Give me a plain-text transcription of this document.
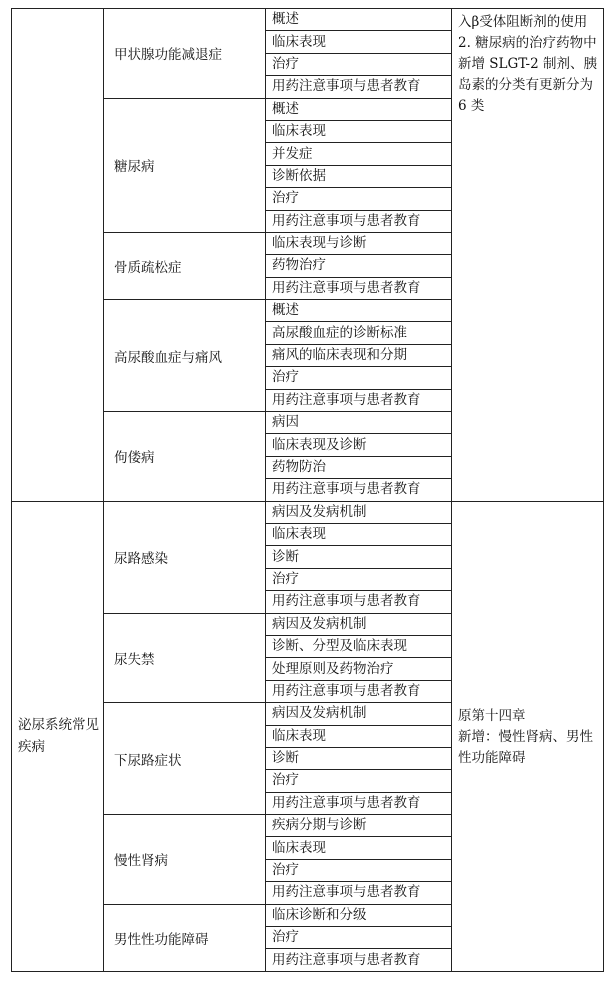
	甲状腺功能减退症	概述	入β受体阻断剂的使用
2. 糖尿病的治疗药物中新增 SLGT-2 制剂、胰岛素的分类有更新分为 6 类

		临床表现	
		治疗	
		用药注意事项与患者教育	
	糖尿病	概述	
		临床表现	
		并发症	
		诊断依据	
		治疗	
		用药注意事项与患者教育	
	骨质疏松症	临床表现与诊断	
		药物治疗	
		用药注意事项与患者教育	
	高尿酸血症与痛风	概述	
		高尿酸血症的诊断标准	
		痛风的临床表现和分期	
		治疗	
		用药注意事项与患者教育	
	佝偻病	病因	
		临床表现及诊断	
		药物防治	
		用药注意事项与患者教育	
泌尿系统常见疾病	尿路感染	病因及发病机制	原第十四章
新增：慢性肾病、男性性功能障碍

		临床表现	
		诊断	
		治疗	
		用药注意事项与患者教育	
	尿失禁	病因及发病机制	
		诊断、分型及临床表现	
		处理原则及药物治疗	
		用药注意事项与患者教育	
	下尿路症状	病因及发病机制	
		临床表现	
		诊断	
		治疗	
		用药注意事项与患者教育	
	慢性肾病	疾病分期与诊断	
		临床表现	
		治疗	
		用药注意事项与患者教育	
	男性性功能障碍	临床诊断和分级	
		治疗	
		用药注意事项与患者教育	
